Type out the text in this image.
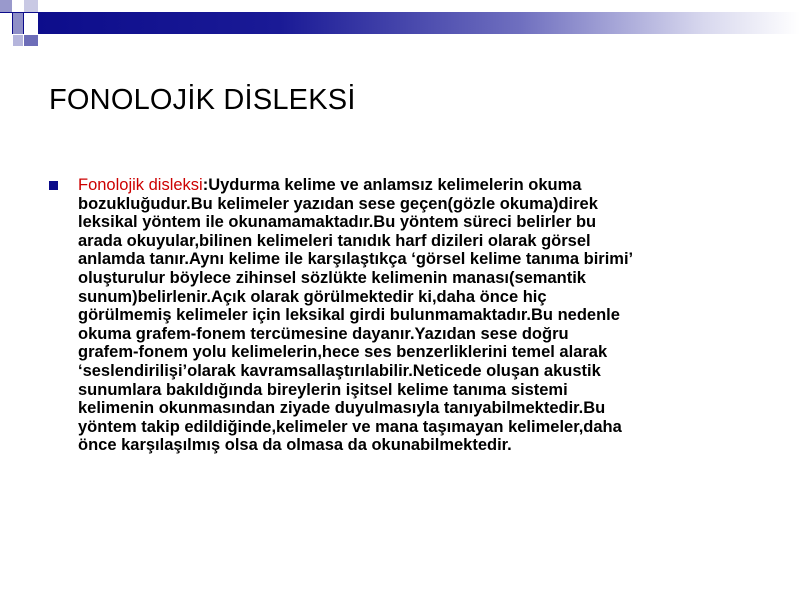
FONOLOJİK DİSLEKSİ

Fonolojik disleksi:Uydurma kelime ve anlamsız kelimelerin okuma
bozukluğudur.Bu kelimeler yazıdan sese geçen(gözle okuma)direk
leksikal yöntem ile okunamamaktadır.Bu yöntem süreci belirler bu
arada okuyular,bilinen kelimeleri tanıdık harf dizileri olarak görsel
anlamda tanır.Aynı kelime ile karşılaştıkça ‘görsel kelime tanıma birimi’
oluşturulur böylece zihinsel sözlükte kelimenin manası(semantik
sunum)belirlenir.Açık olarak görülmektedir ki,daha önce hiç
görülmemiş kelimeler için leksikal girdi bulunmamaktadır.Bu nedenle
okuma grafem-fonem tercümesine dayanır.Yazıdan sese doğru
grafem-fonem yolu kelimelerin,hece ses benzerliklerini temel alarak
‘seslendirilişi’olarak kavramsallaştırılabilir.Neticede oluşan akustik
sunumlara bakıldığında bireylerin işitsel kelime tanıma sistemi
kelimenin okunmasından ziyade duyulmasıyla tanıyabilmektedir.Bu
yöntem takip edildiğinde,kelimeler ve mana taşımayan kelimeler,daha
önce karşılaşılmış olsa da olmasa da okunabilmektedir.
